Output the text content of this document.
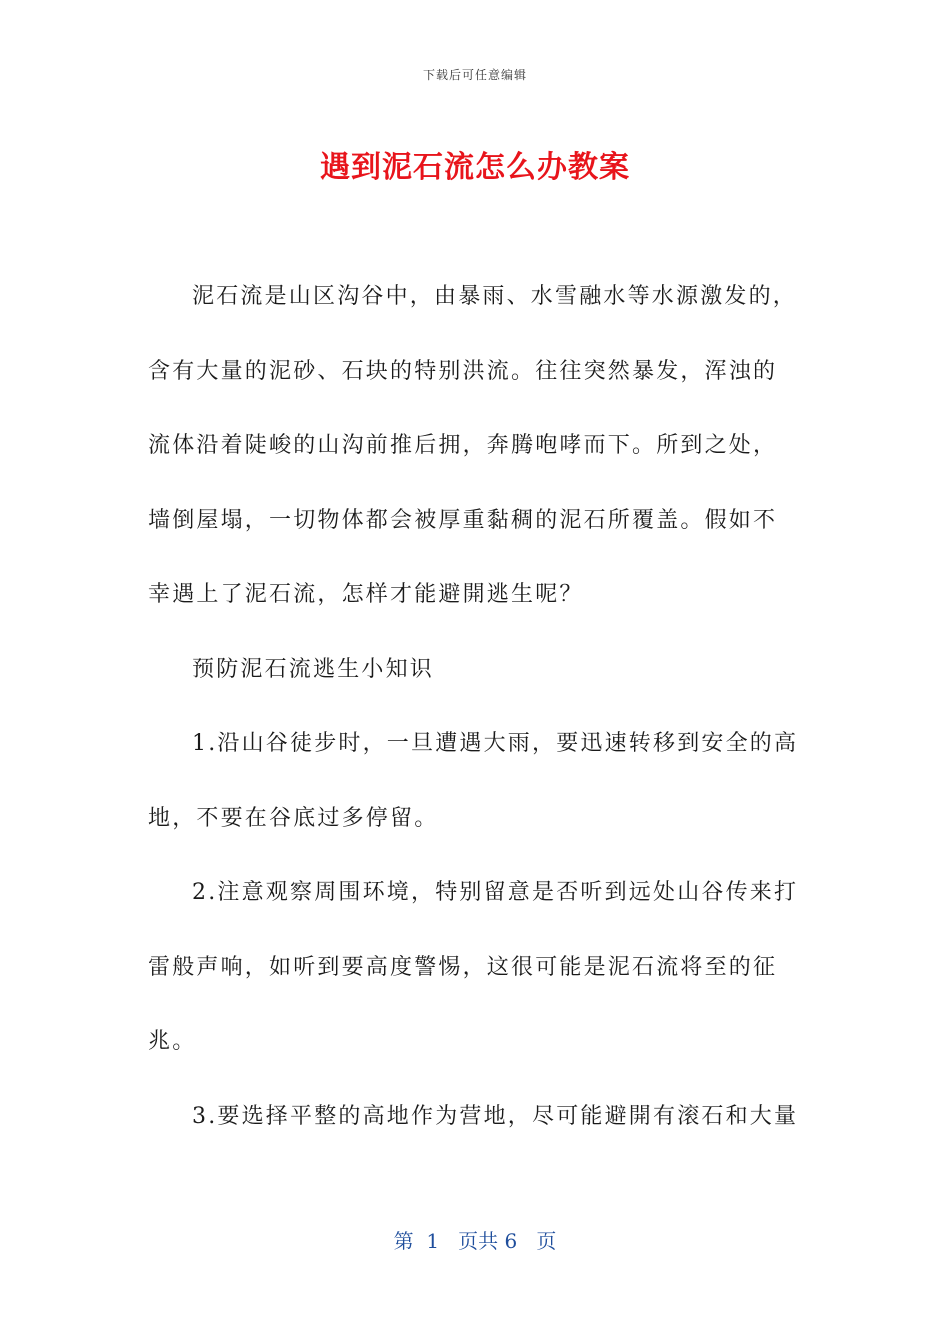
下载后可任意编辑
遇到泥石流怎么办教案

泥石流是山区沟谷中，由暴雨、水雪融水等水源激发的，含有大量的泥砂、石块的特别洪流。往往突然暴发，浑浊的流体沿着陡峻的山沟前推后拥，奔腾咆哮而下。所到之处，墙倒屋塌，一切物体都会被厚重黏稠的泥石所覆盖。假如不幸遇上了泥石流，怎样才能避開逃生呢？

预防泥石流逃生小知识

1.沿山谷徒步时，一旦遭遇大雨，要迅速转移到安全的高地，不要在谷底过多停留。

2.注意观察周围环境，特别留意是否听到远处山谷传来打雷般声响，如听到要高度警惕，这很可能是泥石流将至的征兆。

3.要选择平整的高地作为营地，尽可能避開有滚石和大量

第  1   页共 6   页
